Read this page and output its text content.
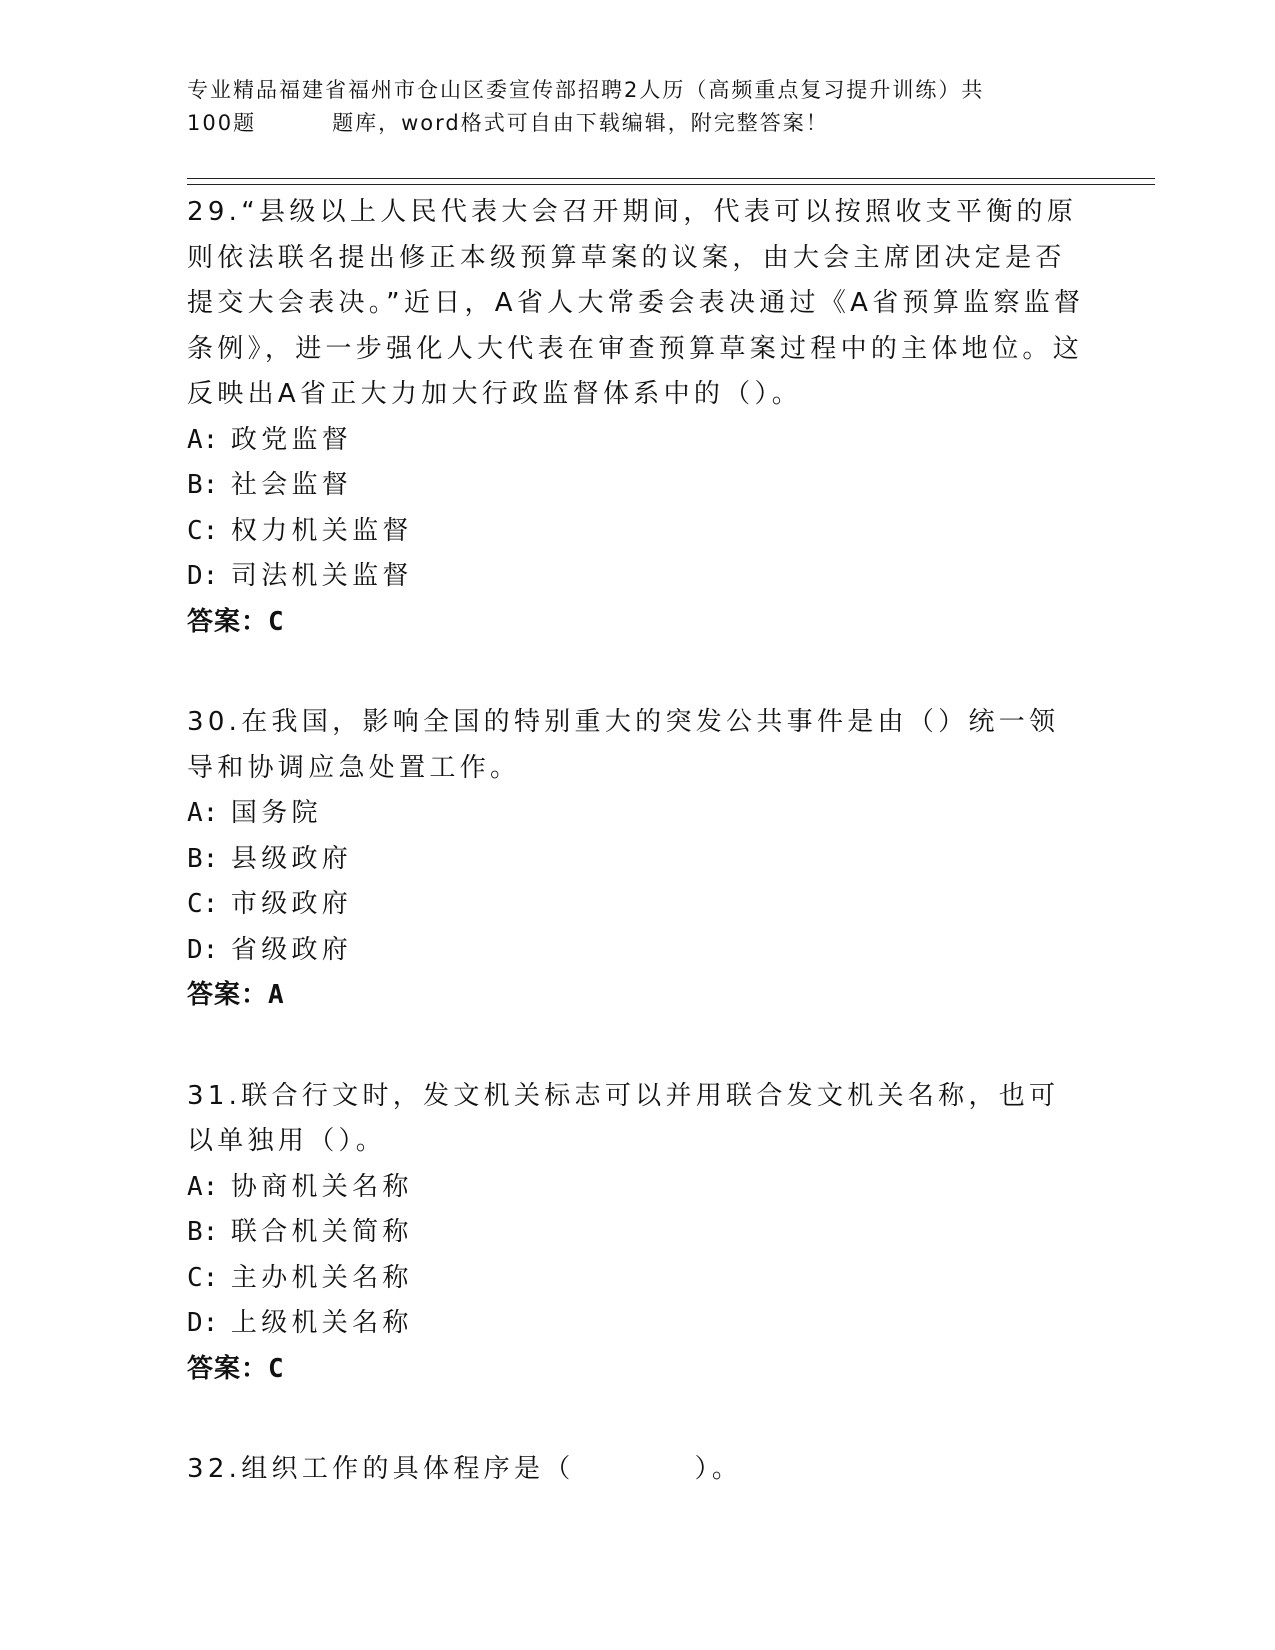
专业精品福建省福州市仓山区委宣传部招聘2人历（高频重点复习提升训练）共
100题	题库，word格式可自由下载编辑，附完整答案！

29.“县级以上人民代表大会召开期间，代表可以按照收支平衡的原则依法联名提出修正本级预算草案的议案，由大会主席团决定是否提交大会表决。”近日，A省人大常委会表决通过《A省预算监察监督条例》，进一步强化人大代表在审查预算草案过程中的主体地位。这反映出A省正大力加大行政监督体系中的（）。

A: 政党监督

B: 社会监督

C: 权力机关监督

D: 司法机关监督

答案：C

30.在我国，影响全国的特别重大的突发公共事件是由（）统一领导和协调应急处置工作。

A: 国务院

B: 县级政府

C: 市级政府

D: 省级政府

答案：A

31.联合行文时，发文机关标志可以并用联合发文机关名称，也可以单独用（）。

A: 协商机关名称

B: 联合机关简称

C: 主办机关名称

D: 上级机关名称

答案：C

32.组织工作的具体程序是（	）。
